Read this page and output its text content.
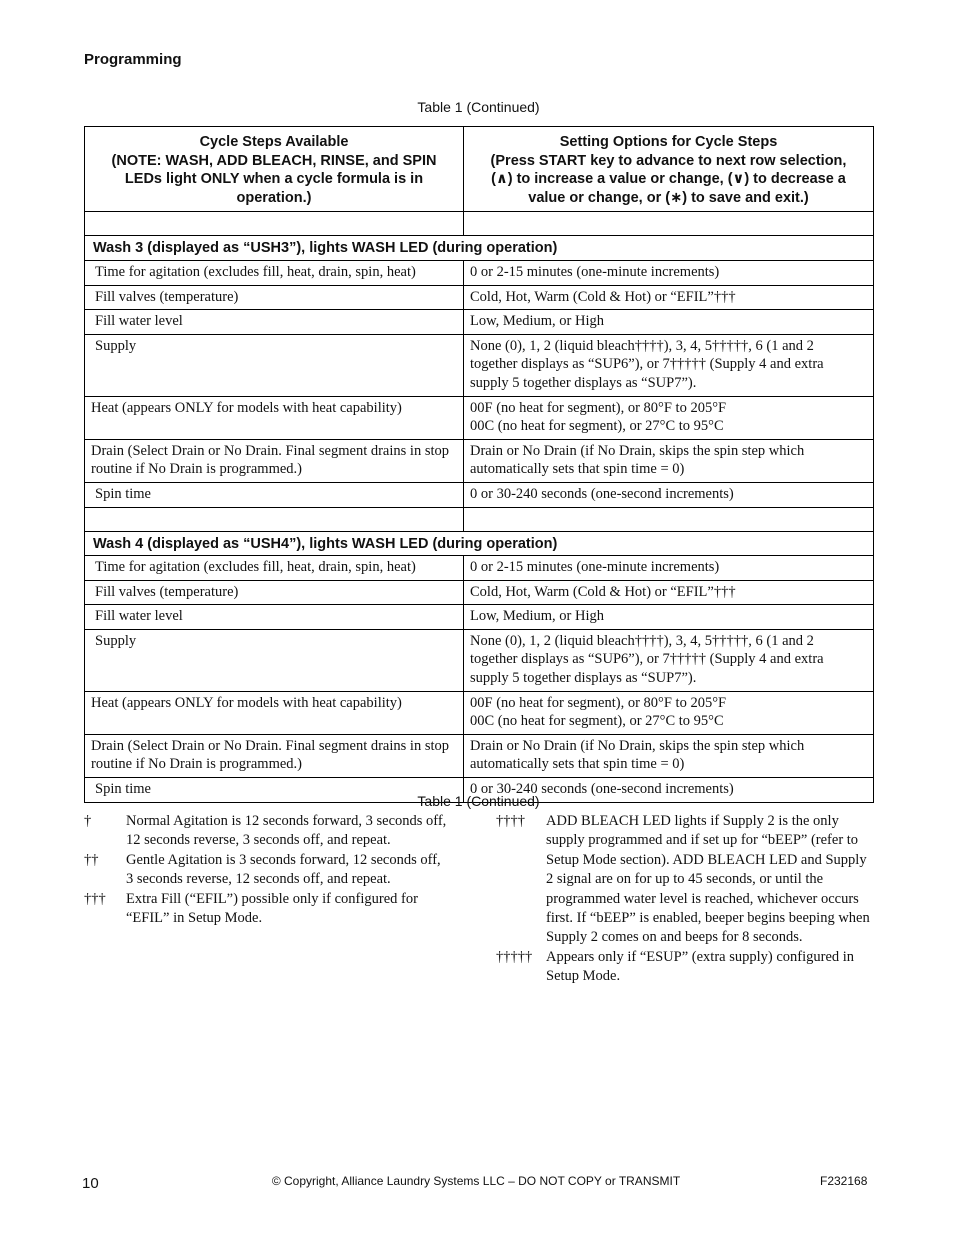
Programming
Table 1 (Continued)
Cycle Steps Available
(NOTE: WASH, ADD BLEACH, RINSE, and SPIN
LEDs light ONLY when a cycle formula is in
operation.)	Setting Options for Cycle Steps
(Press START key to advance to next row selection,
(∧) to increase a value or change, (∨) to decrease a
value or change, or (∗) to save and exit.)

Wash 3 (displayed as “USH3”), lights WASH LED (during operation)	
Time for agitation (excludes fill, heat, drain, spin, heat)	0 or 2-15 minutes (one-minute increments)

Fill valves (temperature)	Cold, Hot, Warm (Cold & Hot) or “EFIL”†††

Fill water level	Low, Medium, or High

Supply	None (0), 1, 2 (liquid bleach††††), 3, 4, 5†††††, 6 (1 and 2
together displays as “SUP6”), or 7††††† (Supply 4 and extra
supply 5 together displays as “SUP7”).

Heat (appears ONLY for models with heat capability)	00F (no heat for segment), or 80°F to 205°F
00C (no heat for segment), or 27°C to 95°C

Drain (Select Drain or No Drain. Final segment drains in stop routine if No Drain is programmed.)	Drain or No Drain (if No Drain, skips the spin step which
automatically sets that spin time = 0)

Spin time	0 or 30-240 seconds (one-second increments)

Wash 4 (displayed as “USH4”), lights WASH LED (during operation)	
Time for agitation (excludes fill, heat, drain, spin, heat)	0 or 2-15 minutes (one-minute increments)

Fill valves (temperature)	Cold, Hot, Warm (Cold & Hot) or “EFIL”†††

Fill water level	Low, Medium, or High

Supply	None (0), 1, 2 (liquid bleach††††), 3, 4, 5†††††, 6 (1 and 2
together displays as “SUP6”), or 7††††† (Supply 4 and extra
supply 5 together displays as “SUP7”).

Heat (appears ONLY for models with heat capability)	00F (no heat for segment), or 80°F to 205°F
00C (no heat for segment), or 27°C to 95°C

Drain (Select Drain or No Drain. Final segment drains in stop routine if No Drain is programmed.)	Drain or No Drain (if No Drain, skips the spin step which
automatically sets that spin time = 0)

Spin time	0 or 30-240 seconds (one-second increments)
Table 1 (Continued)
†	Normal Agitation is 12 seconds forward, 3 seconds off, 12 seconds reverse, 3 seconds off, and repeat.
††	Gentle Agitation is 3 seconds forward, 12 seconds off, 3 seconds reverse, 12 seconds off, and repeat.
†††	Extra Fill (“EFIL”) possible only if configured for “EFIL” in Setup Mode.
††††	ADD BLEACH LED lights if Supply 2 is the only supply programmed and if set up for “bEEP” (refer to Setup Mode section). ADD BLEACH LED and Supply 2 signal are on for up to 45 seconds, or until the programmed water level is reached, whichever occurs first. If “bEEP” is enabled, beeper begins beeping when Supply 2 comes on and beeps for 8 seconds.
††††† Appears only if “ESUP” (extra supply) configured in Setup Mode.
10	© Copyright, Alliance Laundry Systems LLC – DO NOT COPY or TRANSMIT	F232168
